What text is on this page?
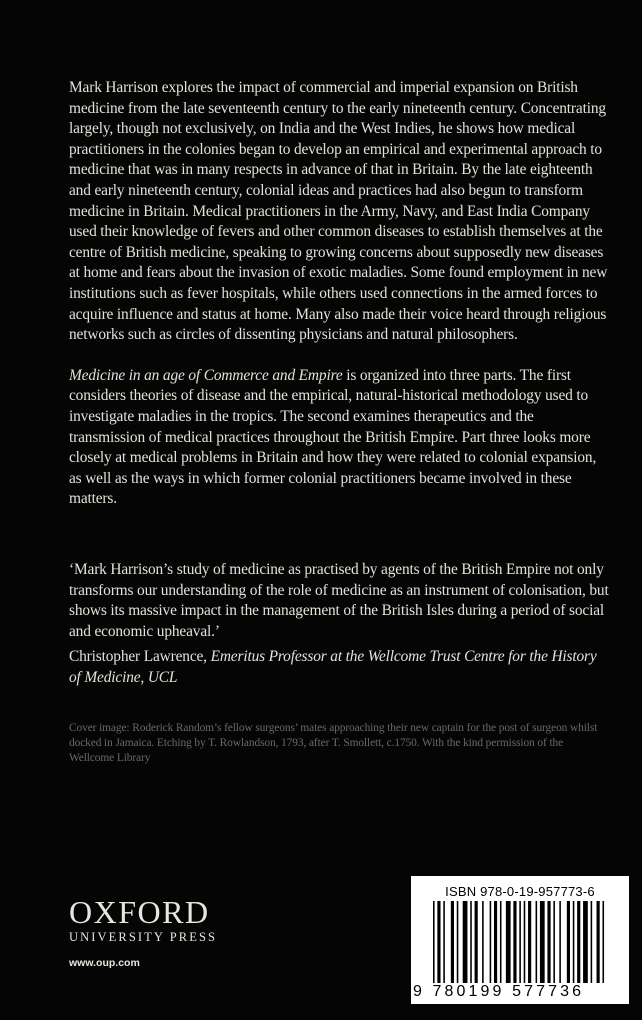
Mark Harrison explores the impact of commercial and imperial expansion on British medicine from the late seventeenth century to the early nineteenth century. Concentrating largely, though not exclusively, on India and the West Indies, he shows how medical practitioners in the colonies began to develop an empirical and experimental approach to medicine that was in many respects in advance of that in Britain. By the late eighteenth and early nineteenth century, colonial ideas and practices had also begun to transform medicine in Britain. Medical practitioners in the Army, Navy, and East India Company used their knowledge of fevers and other common diseases to establish themselves at the centre of British medicine, speaking to growing concerns about supposedly new diseases at home and fears about the invasion of exotic maladies. Some found employment in new institutions such as fever hospitals, while others used connections in the armed forces to acquire influence and status at home. Many also made their voice heard through religious networks such as circles of dissenting physicians and natural philosophers.

Medicine in an age of Commerce and Empire is organized into three parts. The first considers theories of disease and the empirical, natural-historical methodology used to investigate maladies in the tropics. The second examines therapeutics and the transmission of medical practices throughout the British Empire. Part three looks more closely at medical problems in Britain and how they were related to colonial expansion, as well as the ways in which former colonial practitioners became involved in these matters.

‘Mark Harrison’s study of medicine as practised by agents of the British Empire not only transforms our understanding of the role of medicine as an instrument of colonisation, but shows its massive impact in the management of the British Isles during a period of social and economic upheaval.’

Christopher Lawrence, Emeritus Professor at the Wellcome Trust Centre for the History of Medicine, UCL

Cover image: Roderick Random’s fellow surgeons’ mates approaching their new captain for the post of surgeon whilst docked in Jamaica. Etching by T. Rowlandson, 1793, after T. Smollett, c.1750. With the kind permission of the Wellcome Library

OXFORD
UNIVERSITY PRESS
www.oup.com
ISBN 978-0-19-957773-6
9 780199 577736
